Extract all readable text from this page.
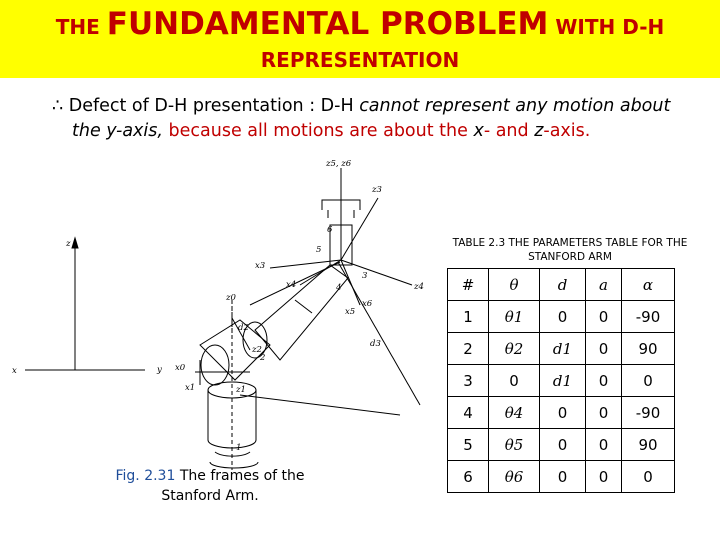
THE FUNDAMENTAL PROBLEM WITH D-H
REPRESENTATION
∴ Defect of D-H presentation : D-H cannot represent any motion about
the y-axis, because all motions are about the x- and z-axis.
z5, z6
z3
6
5
3
4
x3
x4
x5
x6
z4
d3
z0
z2
d2
x0
x1
y
x
z
1
2
z1
Fig. 2.31 The frames of the
Stanford Arm.
TABLE 2.3 THE PARAMETERS TABLE FOR THE
STANFORD ARM
#	θ	d	a	α
1	θ1	0	0	-90
2	θ2	d1	0	90
3	0	d1	0	0
4	θ4	0	0	-90
5	θ5	0	0	90
6	θ6	0	0	0
